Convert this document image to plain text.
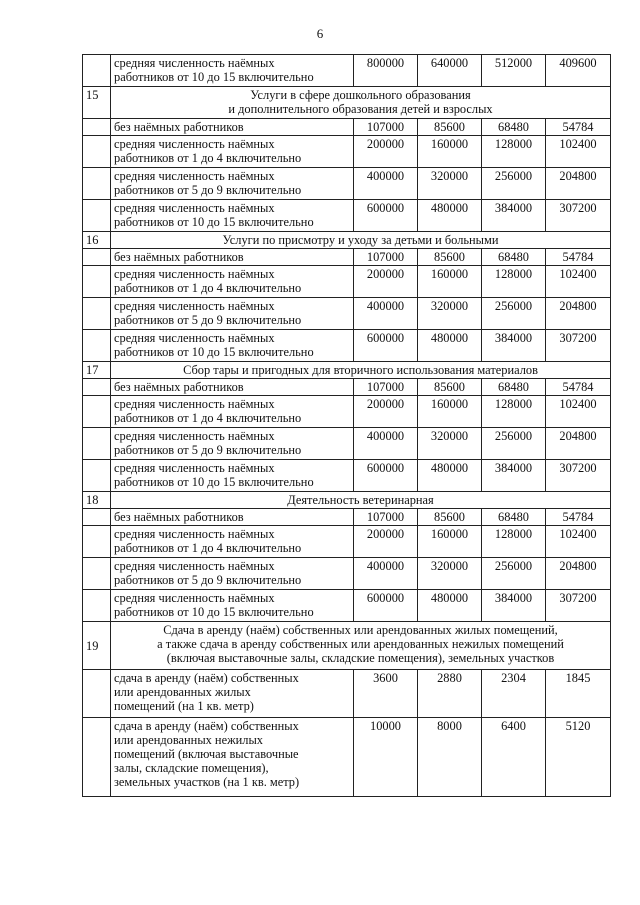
6
	средняя численность наёмных
работников от 10 до 15 включительно	800000	640000	512000	409600
15	Услуги в сфере дошкольного образования
и дополнительного образования детей и взрослых				
	без наёмных работников	107000	85600	68480	54784
	средняя численность наёмных
работников от 1 до 4 включительно	200000	160000	128000	102400
	средняя численность наёмных
работников от 5 до 9 включительно	400000	320000	256000	204800
	средняя численность наёмных
работников от 10 до 15 включительно	600000	480000	384000	307200
16	Услуги по присмотру и уходу за детьми и больными				
	без наёмных работников	107000	85600	68480	54784
	средняя численность наёмных
работников от 1 до 4 включительно	200000	160000	128000	102400
	средняя численность наёмных
работников от 5 до 9 включительно	400000	320000	256000	204800
	средняя численность наёмных
работников от 10 до 15 включительно	600000	480000	384000	307200
17	Сбор тары и пригодных для вторичного использования материалов				
	без наёмных работников	107000	85600	68480	54784
	средняя численность наёмных
работников от 1 до 4 включительно	200000	160000	128000	102400
	средняя численность наёмных
работников от 5 до 9 включительно	400000	320000	256000	204800
	средняя численность наёмных
работников от 10 до 15 включительно	600000	480000	384000	307200
18	Деятельность ветеринарная				
	без наёмных работников	107000	85600	68480	54784
	средняя численность наёмных
работников от 1 до 4 включительно	200000	160000	128000	102400
	средняя численность наёмных
работников от 5 до 9 включительно	400000	320000	256000	204800
	средняя численность наёмных
работников от 10 до 15 включительно	600000	480000	384000	307200
19	Сдача в аренду (наём) собственных или арендованных жилых помещений,
а также сдача в аренду собственных или арендованных нежилых помещений
(включая выставочные залы, складские помещения), земельных участков				
	сдача в аренду (наём) собственных
или арендованных жилых
помещений (на 1 кв. метр)	3600	2880	2304	1845
	сдача в аренду (наём) собственных
или арендованных нежилых
помещений (включая выставочные
залы, складские помещения),
земельных участков (на 1 кв. метр)	10000	8000	6400	5120
